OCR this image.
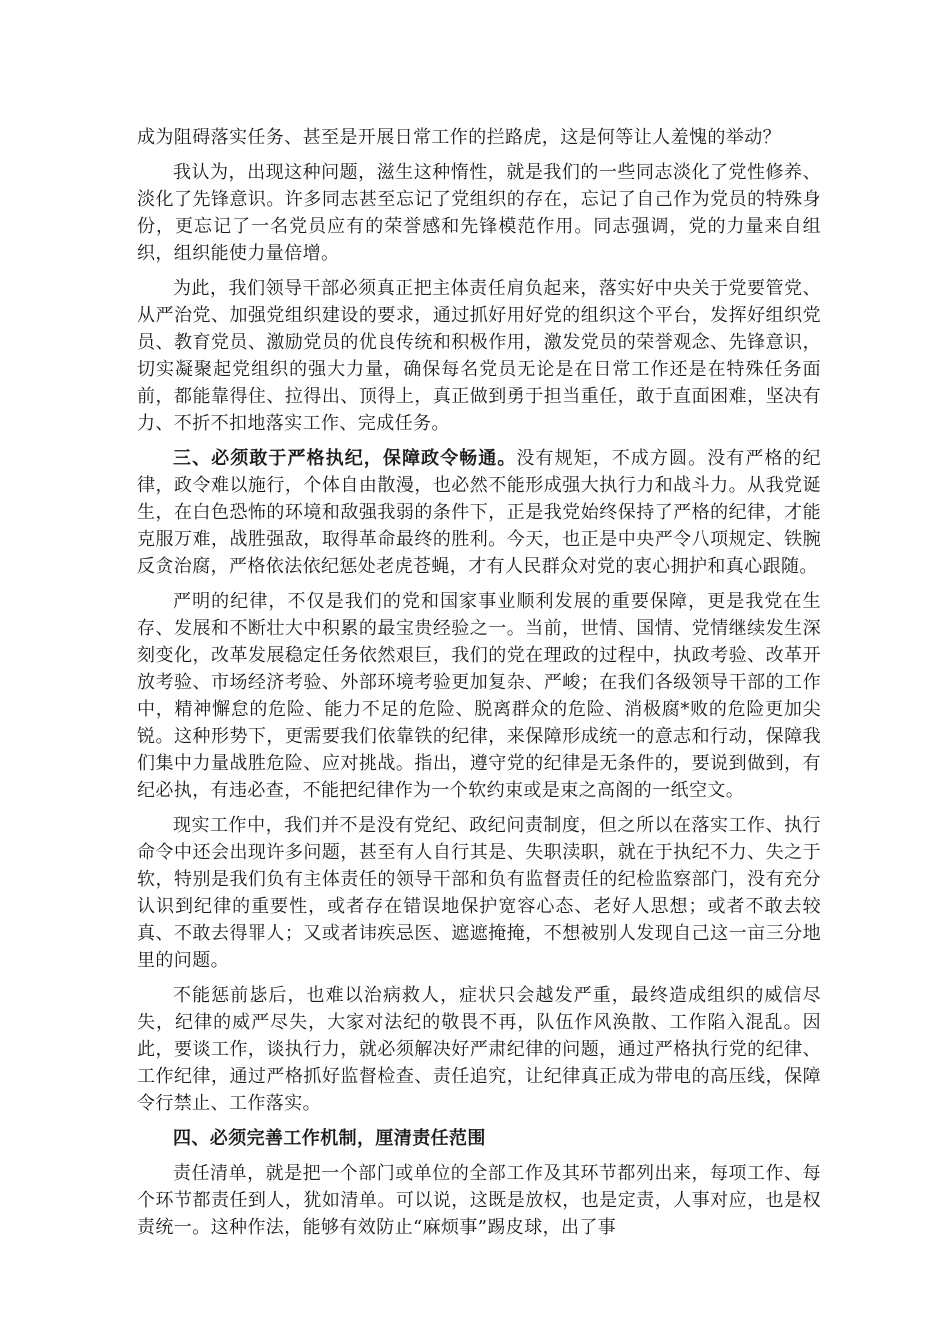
成为阻碍落实任务、甚至是开展日常工作的拦路虎，这是何等让人羞愧的举动？

我认为，出现这种问题，滋生这种惰性，就是我们的一些同志淡化了党性修养、淡化了先锋意识。许多同志甚至忘记了党组织的存在，忘记了自己作为党员的特殊身份，更忘记了一名党员应有的荣誉感和先锋模范作用。同志强调，党的力量来自组织，组织能使力量倍增。

为此，我们领导干部必须真正把主体责任肩负起来，落实好中央关于党要管党、从严治党、加强党组织建设的要求，通过抓好用好党的组织这个平台，发挥好组织党员、教育党员、激励党员的优良传统和积极作用，激发党员的荣誉观念、先锋意识，切实凝聚起党组织的强大力量，确保每名党员无论是在日常工作还是在特殊任务面前，都能靠得住、拉得出、顶得上，真正做到勇于担当重任，敢于直面困难，坚决有力、不折不扣地落实工作、完成任务。

三、必须敢于严格执纪，保障政令畅通。没有规矩，不成方圆。没有严格的纪律，政令难以施行，个体自由散漫，也必然不能形成强大执行力和战斗力。从我党诞生，在白色恐怖的环境和敌强我弱的条件下，正是我党始终保持了严格的纪律，才能克服万难，战胜强敌，取得革命最终的胜利。今天，也正是中央严令八项规定、铁腕反贪治腐，严格依法依纪惩处老虎苍蝇，才有人民群众对党的衷心拥护和真心跟随。

严明的纪律，不仅是我们的党和国家事业顺利发展的重要保障，更是我党在生存、发展和不断壮大中积累的最宝贵经验之一。当前，世情、国情、党情继续发生深刻变化，改革发展稳定任务依然艰巨，我们的党在理政的过程中，执政考验、改革开放考验、市场经济考验、外部环境考验更加复杂、严峻；在我们各级领导干部的工作中，精神懈怠的危险、能力不足的危险、脱离群众的危险、消极腐*败的危险更加尖锐。这种形势下，更需要我们依靠铁的纪律，来保障形成统一的意志和行动，保障我们集中力量战胜危险、应对挑战。指出，遵守党的纪律是无条件的，要说到做到，有纪必执，有违必查，不能把纪律作为一个软约束或是束之高阁的一纸空文。

现实工作中，我们并不是没有党纪、政纪问责制度，但之所以在落实工作、执行命令中还会出现许多问题，甚至有人自行其是、失职渎职，就在于执纪不力、失之于软，特别是我们负有主体责任的领导干部和负有监督责任的纪检监察部门，没有充分认识到纪律的重要性，或者存在错误地保护宽容心态、老好人思想；或者不敢去较真、不敢去得罪人；又或者讳疾忌医、遮遮掩掩，不想被别人发现自己这一亩三分地里的问题。

不能惩前毖后，也难以治病救人，症状只会越发严重，最终造成组织的威信尽失，纪律的威严尽失，大家对法纪的敬畏不再，队伍作风涣散、工作陷入混乱。因此，要谈工作，谈执行力，就必须解决好严肃纪律的问题，通过严格执行党的纪律、工作纪律，通过严格抓好监督检查、责任追究，让纪律真正成为带电的高压线，保障令行禁止、工作落实。

四、必须完善工作机制，厘清责任范围

责任清单，就是把一个部门或单位的全部工作及其环节都列出来，每项工作、每个环节都责任到人，犹如清单。可以说，这既是放权，也是定责，人事对应，也是权责统一。这种作法，能够有效防止“麻烦事”踢皮球，出了事
